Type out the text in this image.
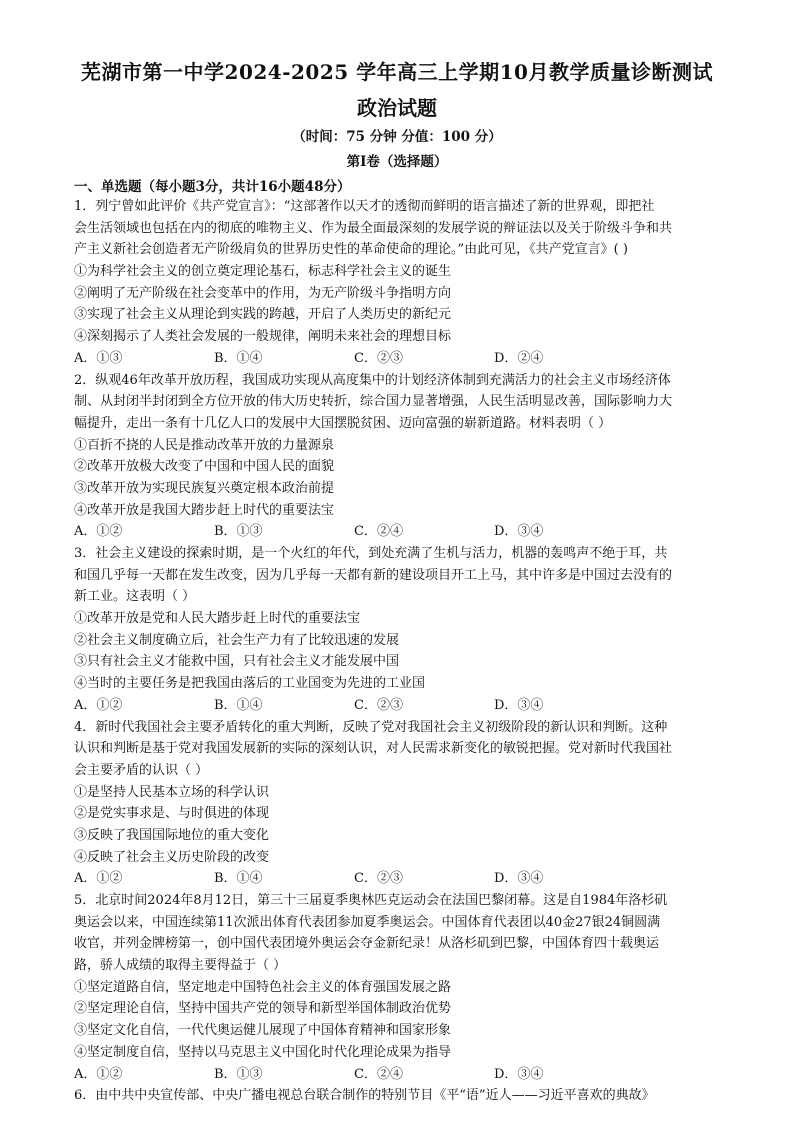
芜湖市第一中学2024-2025 学年高三上学期10月教学质量诊断测试
政治试题
（时间：75 分钟 分值：100 分）
第Ⅰ卷（选择题）
一、单选题（每小题3分，共计16小题48分）
1．列宁曾如此评价《共产党宣言》：“这部著作以天才的透彻而鲜明的语言描述了新的世界观，即把社
会生活领域也包括在内的彻底的唯物主义、作为最全面最深刻的发展学说的辩证法以及关于阶级斗争和共
产主义新社会创造者无产阶级肩负的世界历史性的革命使命的理论。”由此可见，《共产党宣言》( )
①为科学社会主义的创立奠定理论基石，标志科学社会主义的诞生
②阐明了无产阶级在社会变革中的作用，为无产阶级斗争指明方向
③实现了社会主义从理论到实践的跨越，开启了人类历史的新纪元
④深刻揭示了人类社会发展的一般规律，阐明未来社会的理想目标
A．①③	B．①④	C．②③	D．②④
2．纵观46年改革开放历程，我国成功实现从高度集中的计划经济体制到充满活力的社会主义市场经济体
制、从封闭半封闭到全方位开放的伟大历史转折，综合国力显著增强，人民生活明显改善，国际影响力大
幅提升，走出一条有十几亿人口的发展中大国摆脱贫困、迈向富强的崭新道路。材料表明（ ）
①百折不挠的人民是推动改革开放的力量源泉
②改革开放极大改变了中国和中国人民的面貌
③改革开放为实现民族复兴奠定根本政治前提
④改革开放是我国大踏步赶上时代的重要法宝
A．①②	B．①③	C．②④	D．③④
3．社会主义建设的探索时期，是一个火红的年代，到处充满了生机与活力，机器的轰鸣声不绝于耳，共
和国几乎每一天都在发生改变，因为几乎每一天都有新的建设项目开工上马，其中许多是中国过去没有的
新工业。这表明（ ）
①改革开放是党和人民大踏步赶上时代的重要法宝
②社会主义制度确立后，社会生产力有了比较迅速的发展
③只有社会主义才能救中国，只有社会主义才能发展中国
④当时的主要任务是把我国由落后的工业国变为先进的工业国
A．①②	B．①④	C．②③	D．③④
4．新时代我国社会主要矛盾转化的重大判断，反映了党对我国社会主义初级阶段的新认识和判断。这种
认识和判断是基于党对我国发展新的实际的深刻认识，对人民需求新变化的敏锐把握。党对新时代我国社
会主要矛盾的认识（ ）
①是坚持人民基本立场的科学认识
②是党实事求是、与时俱进的体现
③反映了我国国际地位的重大变化
④反映了社会主义历史阶段的改变
A．①②	B．①④	C．②③	D．③④
5．北京时间2024年8月12日，第三十三届夏季奥林匹克运动会在法国巴黎闭幕。这是自1984年洛杉矶
奥运会以来，中国连续第11次派出体育代表团参加夏季奥运会。中国体育代表团以40金27银24铜圆满
收官，并列金牌榜第一，创中国代表团境外奥运会夺金新纪录！从洛杉矶到巴黎，中国体育四十载奥运
路，骄人成绩的取得主要得益于（ ）
①坚定道路自信，坚定地走中国特色社会主义的体育强国发展之路
②坚定理论自信，坚持中国共产党的领导和新型举国体制政治优势
③坚定文化自信，一代代奥运健儿展现了中国体育精神和国家形象
④坚定制度自信，坚持以马克思主义中国化时代化理论成果为指导
A．①②	B．①③	C．②④	D．③④
6．由中共中央宣传部、中央广播电视总台联合制作的特别节目《平“语”近人——习近平喜欢的典故》
